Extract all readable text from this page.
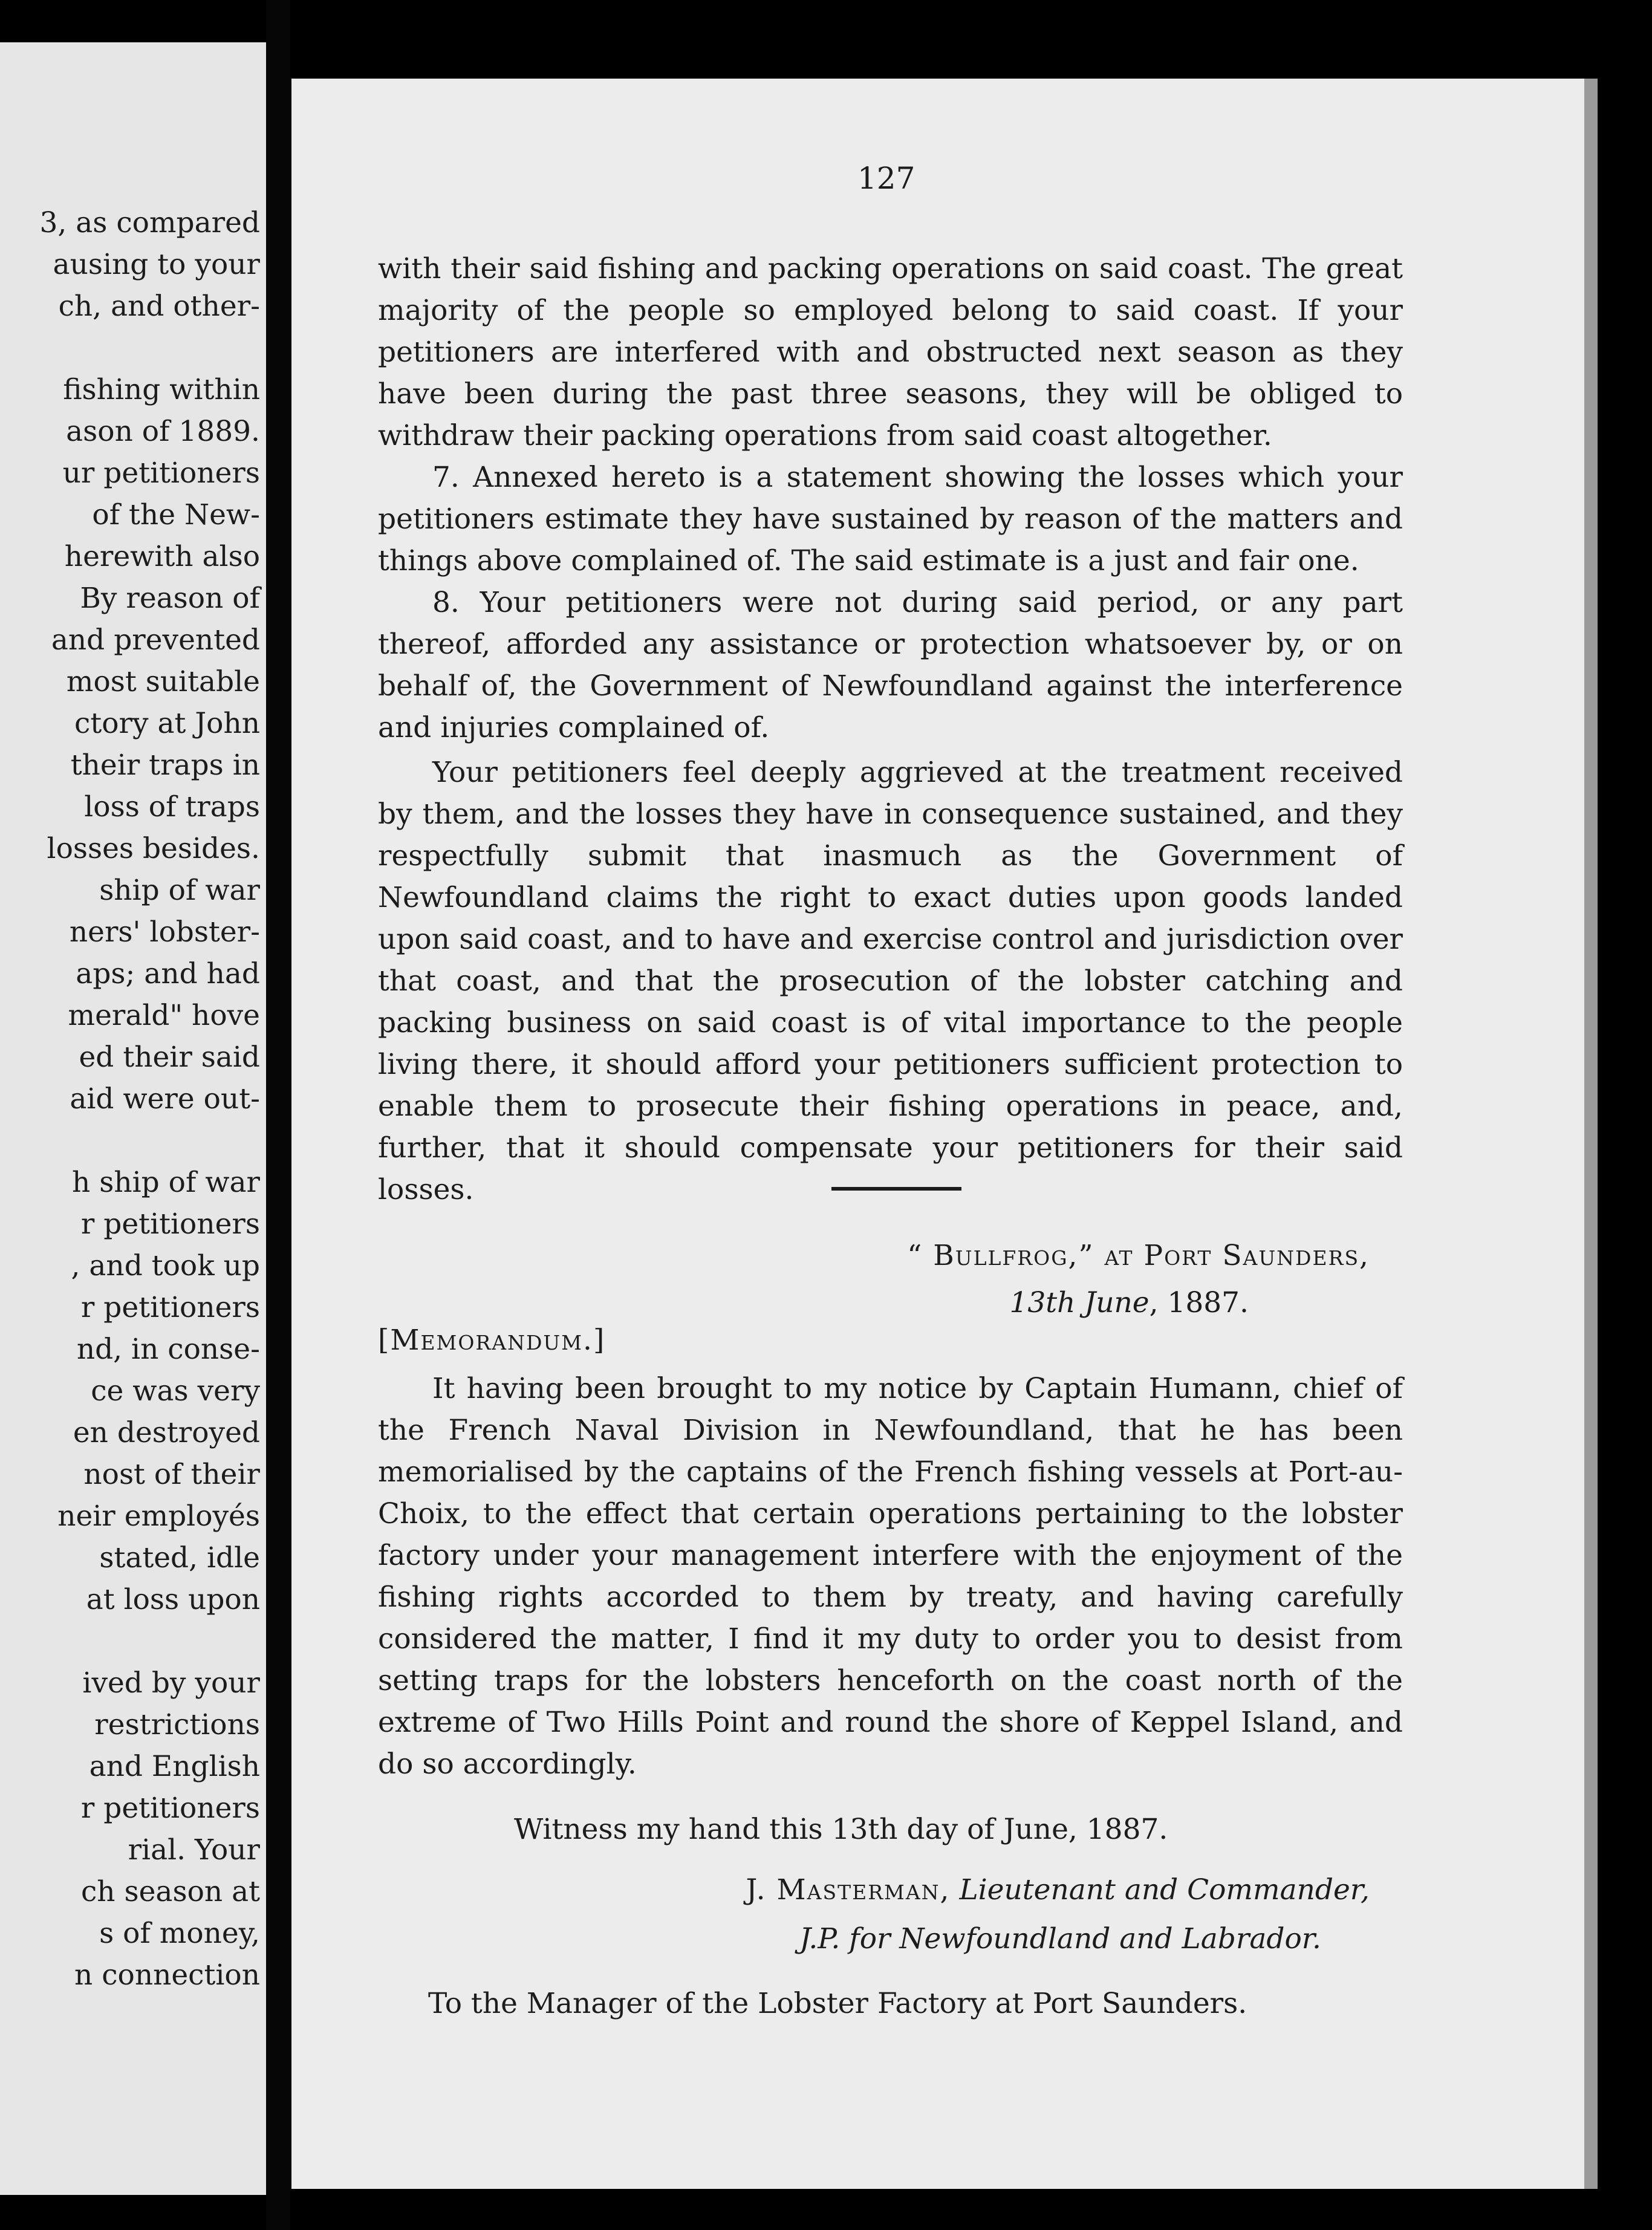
3, as compared
ausing to your
ch, and other-
fishing within
ason of 1889.
ur petitioners
of the New-
herewith also
By reason of
and prevented
most suitable
ctory at John
their traps in
loss of traps
losses besides.
ship of war
ners' lobster-
aps; and had
merald" hove
ed their said
aid were out-
h ship of war
r petitioners
, and took up
r petitioners
nd, in conse-
ce was very
en destroyed
nost of their
neir employés
stated, idle
at loss upon
ived by your
restrictions
and English
r petitioners
rial. Your
ch season at
s of money,
n connection
127

with their said fishing and packing operations on said coast. The great majority of the people so employed belong to said coast. If your petitioners are interfered with and obstructed next season as they have been during the past three seasons, they will be obliged to withdraw their packing operations from said coast altogether.

7. Annexed hereto is a statement showing the losses which your petitioners estimate they have sustained by reason of the matters and things above complained of. The said estimate is a just and fair one.

8. Your petitioners were not during said period, or any part thereof, afforded any assistance or protection whatsoever by, or on behalf of, the Government of Newfoundland against the interference and injuries complained of.

Your petitioners feel deeply aggrieved at the treatment received by them, and the losses they have in consequence sustained, and they respectfully submit that inasmuch as the Government of Newfoundland claims the right to exact duties upon goods landed upon said coast, and to have and exercise control and jurisdiction over that coast, and that the prosecution of the lobster catching and packing business on said coast is of vital importance to the people living there, it should afford your petitioners sufficient protection to enable them to prosecute their fishing operations in peace, and, further, that it should compensate your petitioners for their said losses.

“ Bullfrog,” at Port Saunders,
13th June, 1887.
[Memorandum.]

It having been brought to my notice by Captain Humann, chief of the French Naval Division in Newfoundland, that he has been memorialised by the captains of the French fishing vessels at Port-au-Choix, to the effect that certain operations pertaining to the lobster factory under your management interfere with the enjoyment of the fishing rights accorded to them by treaty, and having carefully considered the matter, I find it my duty to order you to desist from setting traps for the lobsters henceforth on the coast north of the extreme of Two Hills Point and round the shore of Keppel Island, and do so accordingly.

Witness my hand this 13th day of June, 1887.
J. Masterman, Lieutenant and Commander,
J.P. for Newfoundland and Labrador.
To the Manager of the Lobster Factory at Port Saunders.
